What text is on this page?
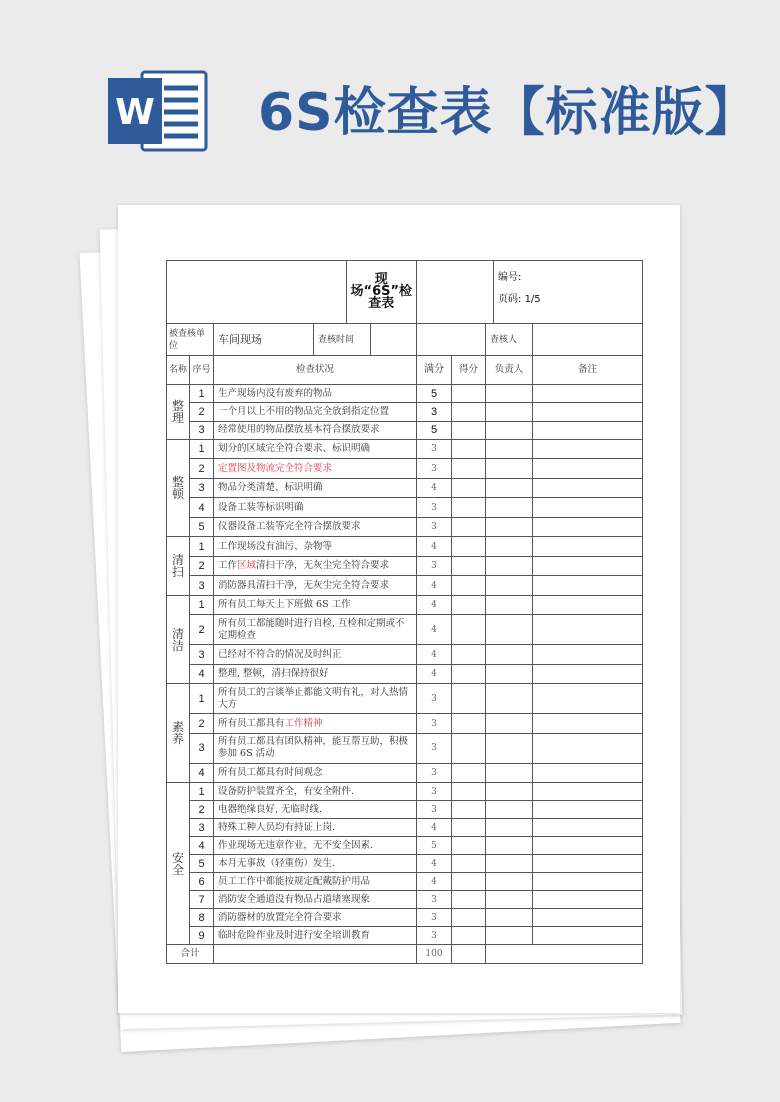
W 6S检查表【标准版】
	现场“6S”检查表

编号:
页码: 1/5

被查核单位		车间现场	查核时间	
			查核人	
名称	序号	检查状况	满分	得分	负责人	备注
整理	1	生产现场内没有废弃的物品	5			
2	一个月以上不用的物品完全放到指定位置	3			
3	经常使用的物品摆放基本符合摆放要求	5			
整顿	1	划分的区域完全符合要求、标识明确	3			
2	定置图及物流完全符合要求	3			
3	物品分类清楚、标识明确	4			
4	设备工装等标识明确	3			
5	仪器设备工装等完全符合摆放要求	3			
清扫	1	工作现场没有油污、杂物等	4			
2	工作区域清扫干净，无灰尘完全符合要求	3			
3	消防器具清扫干净，无灰尘完全符合要求	4			
清洁	1	所有员工每天上下班做 6S 工作	4			
2	所有员工都能随时进行自检, 互检和定期或不定期检查	4			
3	已经对不符合的情况及时纠正	4			
4	整理, 整顿，清扫保持很好	4			
素养	1	所有员工的言谈举止都能文明有礼，对人热情大方	3			
2	所有员工都具有工作精神	3			
3	所有员工都具有团队精神，能互帮互助，积极参加 6S 活动	3			
4	所有员工都具有时间观念	3			
安全	1	设备防护装置齐全，有安全附件.	3			
2	电器绝缘良好, 无临时线.	3			
3	特殊工种人员均有持证上岗.	4			
4	作业现场无违章作业，无不安全因素.	5			
5	本月无事故（轻重伤）发生.	4			
6	员工工作中都能按规定配戴防护用品	4			
7	消防安全通道没有物品占道堵塞现象	3			
8	消防器材的放置完全符合要求	3			
9	临时危险作业及时进行安全培训教育	3			
合计		100		
